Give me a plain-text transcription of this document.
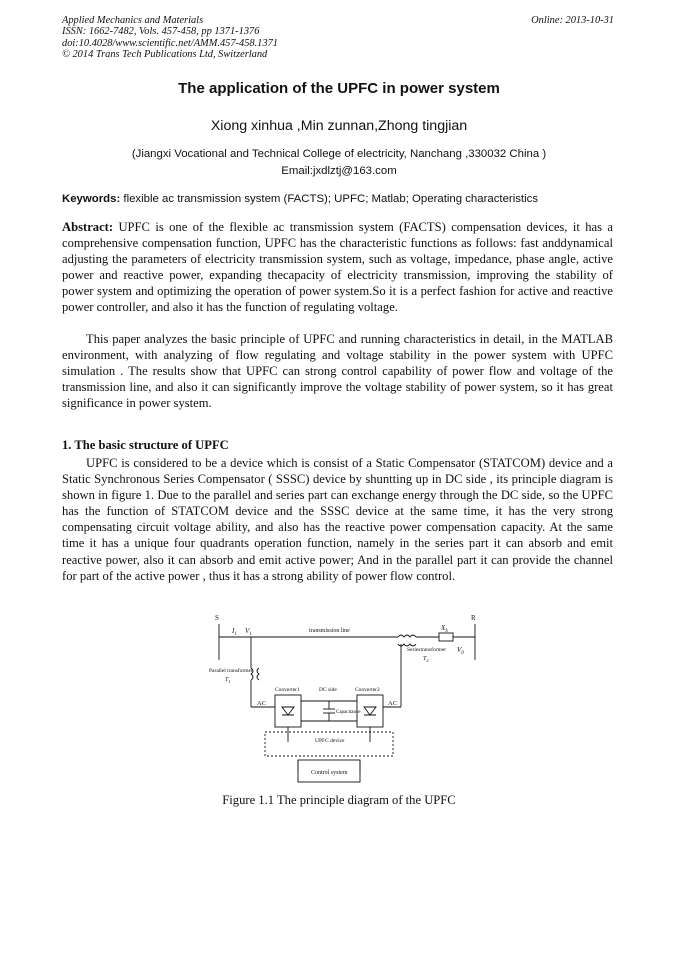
Applied Mechanics and Materials
ISSN: 1662-7482, Vols. 457-458, pp 1371-1376
doi:10.4028/www.scientific.net/AMM.457-458.1371
© 2014 Trans Tech Publications Ltd, Switzerland
Online: 2013-10-31
The application of the UPFC in power system
Xiong xinhua ,Min zunnan,Zhong tingjian
(Jiangxi Vocational and Technical College of electricity, Nanchang ,330032 China )
Email:jxdlztj@163.com
Keywords: flexible ac transmission system (FACTS); UPFC; Matlab; Operating characteristics

Abstract: UPFC is one of the flexible ac transmission system (FACTS) compensation devices, it has a comprehensive compensation function, UPFC has the characteristic functions as follows: fast anddynamical adjusting the parameters of electricity transmission system, such as voltage, impedance, phase angle, active power and reactive power, expanding thecapacity of electricity transmission, improving the stability of power system and optimizing the operation of power system.So it is a perfect fashion for active and reactive power controller, and also it has the function of regulating voltage.

This paper analyzes the basic principle of UPFC and running characteristics in detail, in the MATLAB environment, with analyzing of flow regulating and voltage stability in the power system with UPFC simulation . The results show that UPFC can strong control capability of power flow and voltage of the transmission line, and also it can significantly improve the voltage stability of power system, so it has great significance in power system.

1. The basic structure of UPFC

UPFC is considered to be a device which is consist of a Static Compensator (STATCOM) device and a Static Synchronous Series Compensator ( SSSC) device by shuntting up in DC side , its principle diagram is shown in figure 1. Due to the parallel and series part can exchange energy through the DC side, so the UPFC has the function of STATCOM device and the SSSC device at the same time, it has the very strong compensating circuit voltage ability, and also has the reactive power compensation capacity. At the same time it has a unique four quadrants operation function, namely in the series part it can absorb and emit reactive power, also it can absorb and emit active power; And in the parallel part it can provide the channel for part of the active power , thus it has a strong ability of power flow control.

S	R
$I_1$ $V_1$
transmission line	$X_S$
$V_0$
Seriestransformer
$T_2$
Parallel transformer
$T_1$
AC	AC
Converter1	Converter2
DC side
Capacitance
UPFC device
Control system
Figure 1.1 The principle diagram of the UPFC
